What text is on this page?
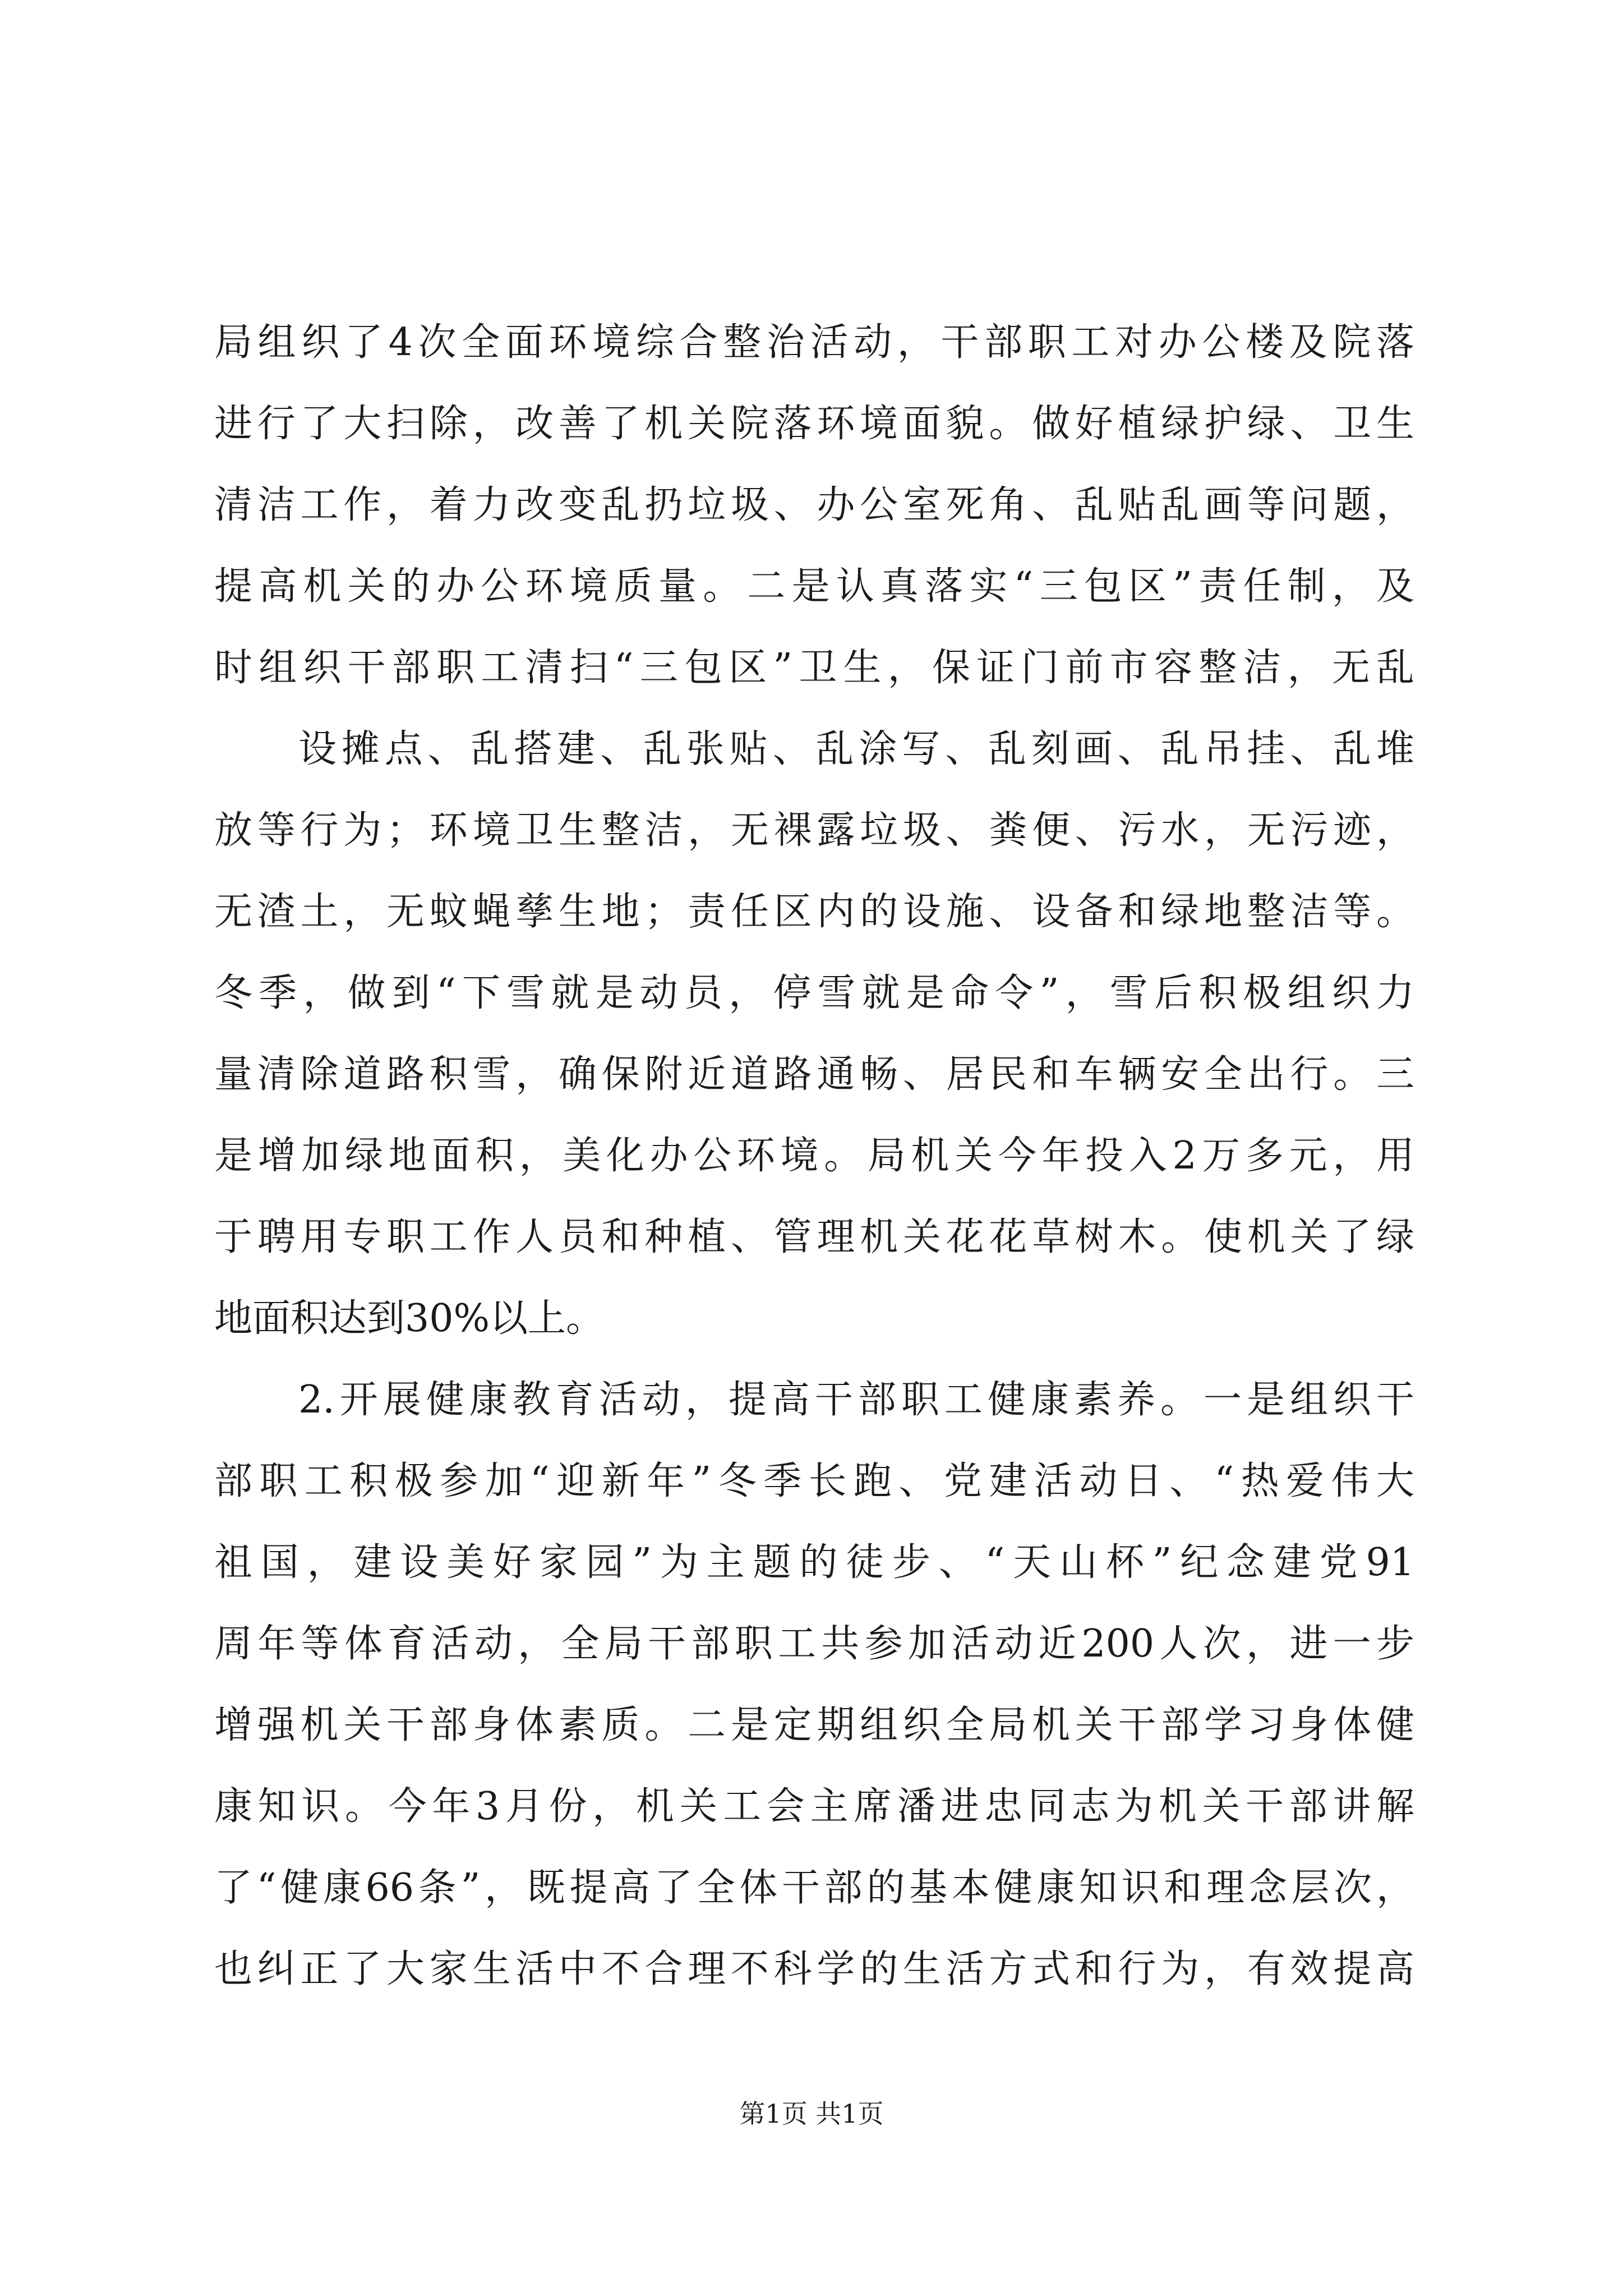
局组织了4次全面环境综合整治活动，干部职工对办公楼及院落
进行了大扫除，改善了机关院落环境面貌。做好植绿护绿、卫生
清洁工作，着力改变乱扔垃圾、办公室死角、乱贴乱画等问题，
提高机关的办公环境质量。二是认真落实“三包区”责任制，及
时组织干部职工清扫“三包区”卫生，保证门前市容整洁，无乱
设摊点、乱搭建、乱张贴、乱涂写、乱刻画、乱吊挂、乱堆
放等行为；环境卫生整洁，无裸露垃圾、粪便、污水，无污迹，
无渣土，无蚊蝇孳生地；责任区内的设施、设备和绿地整洁等。
冬季，做到“下雪就是动员，停雪就是命令”，雪后积极组织力
量清除道路积雪，确保附近道路通畅、居民和车辆安全出行。三
是增加绿地面积，美化办公环境。局机关今年投入2万多元，用
于聘用专职工作人员和种植、管理机关花花草树木。使机关了绿
地面积达到30%以上。
2.开展健康教育活动，提高干部职工健康素养。一是组织干
部职工积极参加“迎新年”冬季长跑、党建活动日、“热爱伟大
祖国，建设美好家园”为主题的徒步、“天山杯”纪念建党91
周年等体育活动，全局干部职工共参加活动近200人次，进一步
增强机关干部身体素质。二是定期组织全局机关干部学习身体健
康知识。今年3月份，机关工会主席潘进忠同志为机关干部讲解
了“健康66条”，既提高了全体干部的基本健康知识和理念层次，
也纠正了大家生活中不合理不科学的生活方式和行为，有效提高
第1页 共1页
